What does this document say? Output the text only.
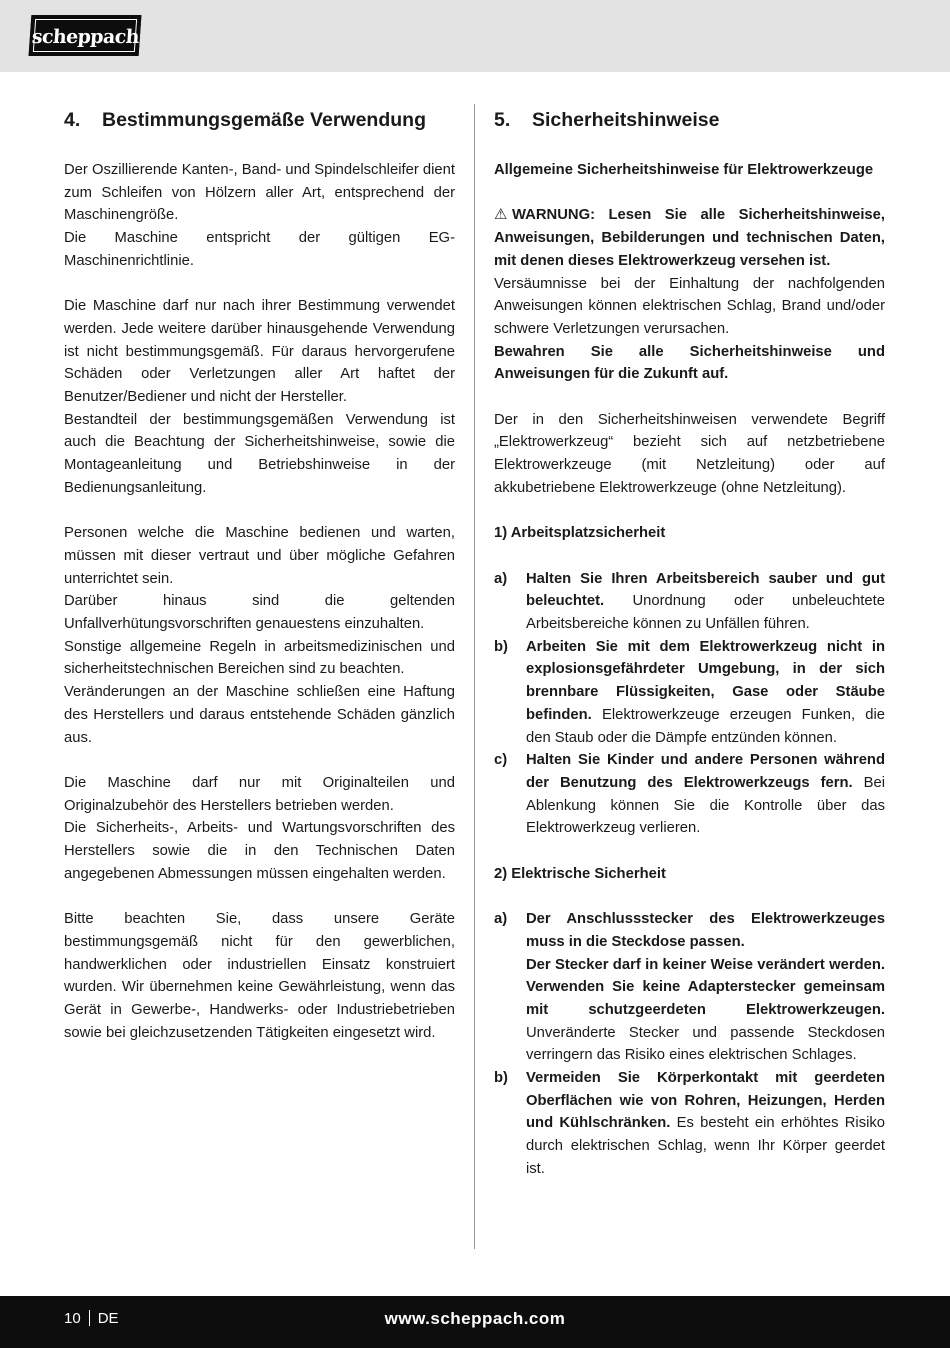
scheppach
4. Bestimmungsgemäße Verwendung

Der Oszillierende Kanten-, Band- und Spindelschleifer dient zum Schleifen von Hölzern aller Art, entsprechend der Maschinengröße.

Die Maschine entspricht der gültigen EG-Maschinenrichtlinie.

Die Maschine darf nur nach ihrer Bestimmung verwendet werden. Jede weitere darüber hinausgehende Verwendung ist nicht bestimmungsgemäß. Für daraus hervorgerufene Schäden oder Verletzungen aller Art haftet der Benutzer/Bediener und nicht der Hersteller.

Bestandteil der bestimmungsgemäßen Verwendung ist auch die Beachtung der Sicherheitshinweise, sowie die Montageanleitung und Betriebshinweise in der Bedienungsanleitung.

Personen welche die Maschine bedienen und warten, müssen mit dieser vertraut und über mögliche Gefahren unterrichtet sein.

Darüber hinaus sind die geltenden Unfallverhütungsvorschriften genauestens einzuhalten.

Sonstige allgemeine Regeln in arbeitsmedizinischen und sicherheitstechnischen Bereichen sind zu beachten.

Veränderungen an der Maschine schließen eine Haftung des Herstellers und daraus entstehende Schäden gänzlich aus.

Die Maschine darf nur mit Originalteilen und Originalzubehör des Herstellers betrieben werden.

Die Sicherheits-, Arbeits- und Wartungsvorschriften des Herstellers sowie die in den Technischen Daten angegebenen Abmessungen müssen eingehalten werden.

Bitte beachten Sie, dass unsere Geräte bestimmungsgemäß nicht für den gewerblichen, handwerklichen oder industriellen Einsatz konstruiert wurden. Wir übernehmen keine Gewährleistung, wenn das Gerät in Gewerbe-, Handwerks- oder Industriebetrieben sowie bei gleichzusetzenden Tätigkeiten eingesetzt wird.

5. Sicherheitshinweise

Allgemeine Sicherheitshinweise für Elektrowerkzeuge

⚠ WARNUNG: Lesen Sie alle Sicherheitshinweise, Anweisungen, Bebilderungen und technischen Daten, mit denen dieses Elektrowerkzeug versehen ist.

Versäumnisse bei der Einhaltung der nachfolgenden Anweisungen können elektrischen Schlag, Brand und/oder schwere Verletzungen verursachen.

Bewahren Sie alle Sicherheitshinweise und Anweisungen für die Zukunft auf.

Der in den Sicherheitshinweisen verwendete Begriff „Elektrowerkzeug“ bezieht sich auf netzbetriebene Elektrowerkzeuge (mit Netzleitung) oder auf akkubetriebene Elektrowerkzeuge (ohne Netzleitung).

1) Arbeitsplatzsicherheit

a)	Halten Sie Ihren Arbeitsbereich sauber und gut beleuchtet. Unordnung oder unbeleuchtete Arbeitsbereiche können zu Unfällen führen.
b)	Arbeiten Sie mit dem Elektrowerkzeug nicht in explosionsgefährdeter Umgebung, in der sich brennbare Flüssigkeiten, Gase oder Stäube befinden. Elektrowerkzeuge erzeugen Funken, die den Staub oder die Dämpfe entzünden können.
c)	Halten Sie Kinder und andere Personen während der Benutzung des Elektrowerkzeugs fern. Bei Ablenkung können Sie die Kontrolle über das Elektrowerkzeug verlieren.

2) Elektrische Sicherheit

a)	Der Anschlussstecker des Elektrowerkzeuges muss in die Steckdose passen.
Der Stecker darf in keiner Weise verändert werden. Verwenden Sie keine Adapterstecker gemeinsam mit schutzgeerdeten Elektrowerkzeugen. Unveränderte Stecker und passende Steckdosen verringern das Risiko eines elektrischen Schlages.
b)	Vermeiden Sie Körperkontakt mit geerdeten Oberflächen wie von Rohren, Heizungen, Herden und Kühlschränken. Es besteht ein erhöhtes Risiko durch elektrischen Schlag, wenn Ihr Körper geerdet ist.
10 DE	www.scheppach.com
